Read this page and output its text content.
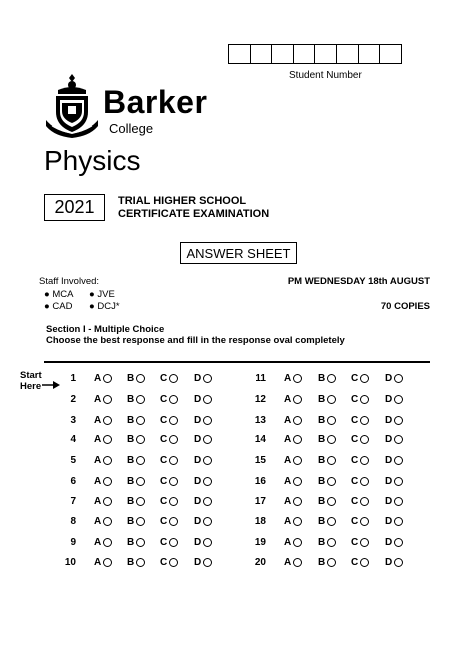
Student Number
Barker
College
Physics
2021 TRIAL HIGHER SCHOOL
CERTIFICATE EXAMINATION
ANSWER SHEET
Staff Involved:
● MCA ● JVE
● CAD ● DCJ*
PM WEDNESDAY 18th AUGUST
70 COPIES
Section I - Multiple Choice
Choose the best response and fill in the response oval completely
Start
Here
1 A	B	C	D
2 A	B	C	D
3 A	B	C	D
4 A	B	C	D
5 A	B	C	D
6 A	B	C	D
7 A	B	C	D
8 A	B	C	D
9 A	B	C	D
10 A	B	C	D
11 A	B	C	D
12 A	B	C	D
13 A	B	C	D
14 A	B	C	D
15 A	B	C	D
16 A	B	C	D
17 A	B	C	D
18 A	B	C	D
19 A	B	C	D
20 A	B	C	D
